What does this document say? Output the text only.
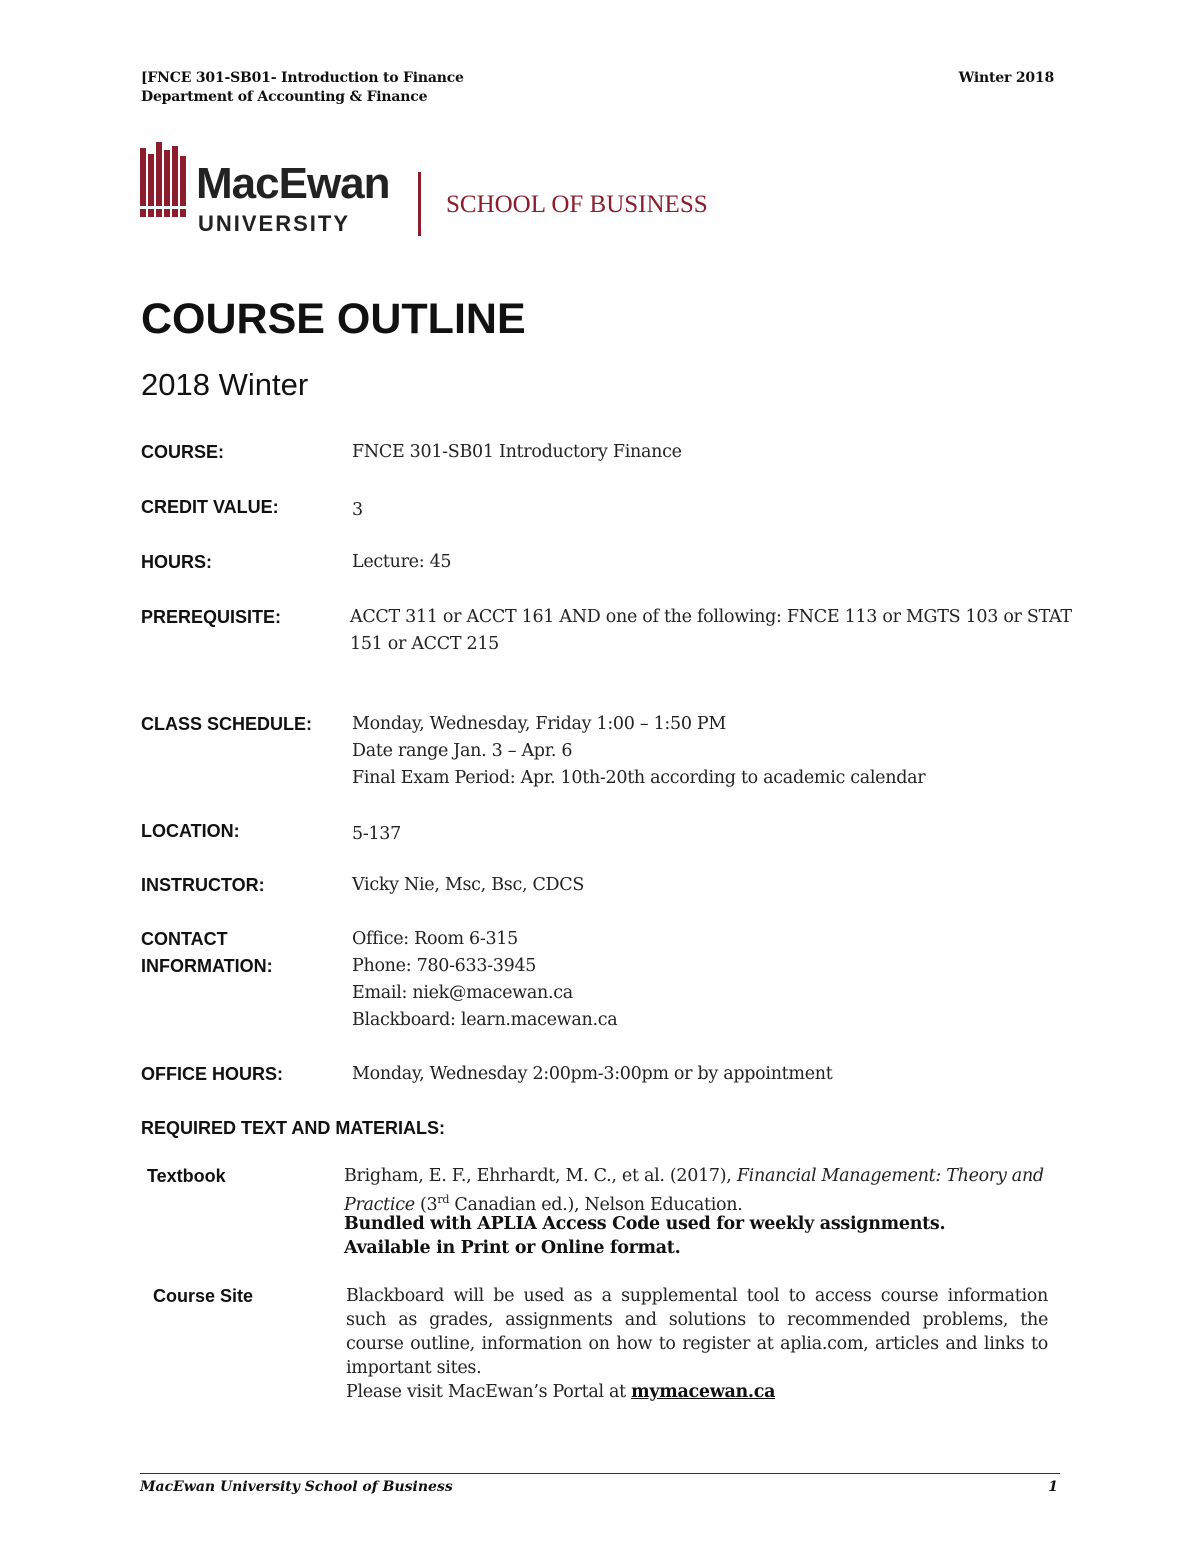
[FNCE 301-SB01- Introduction to Finance
Department of Accounting & Finance
Winter 2018
MacEwan
UNIVERSITY
SCHOOL OF BUSINESS
COURSE OUTLINE
2018 Winter
COURSE:	FNCE 301-SB01 Introductory Finance
CREDIT VALUE:	3
HOURS:	Lecture: 45
PREREQUISITE:	ACCT 311 or ACCT 161 AND one of the following: FNCE 113 or MGTS 103 or STAT
151 or ACCT 215
CLASS SCHEDULE: Monday, Wednesday, Friday 1:00 – 1:50 PM
Date range Jan. 3 – Apr. 6
Final Exam Period: Apr. 10th-20th according to academic calendar
LOCATION:	5-137
INSTRUCTOR:	Vicky Nie, Msc, Bsc, CDCS
CONTACT
INFORMATION:
Office: Room 6-315
Phone: 780-633-3945
Email: niek@macewan.ca
Blackboard: learn.macewan.ca
OFFICE HOURS:	Monday, Wednesday 2:00pm-3:00pm or by appointment
REQUIRED TEXT AND MATERIALS:
Textbook	Brigham, E. F., Ehrhardt, M. C., et al. (2017), Financial Management: Theory and Practice (3rd Canadian ed.), Nelson Education.
Bundled with APLIA Access Code used for weekly assignments.
Available in Print or Online format.
Course Site	Blackboard will be used as a supplemental tool to access course information such as grades, assignments and solutions to recommended problems, the course outline, information on how to register at aplia.com, articles and links to important sites.
Please visit MacEwan’s Portal at mymacewan.ca
MacEwan University School of Business	1
